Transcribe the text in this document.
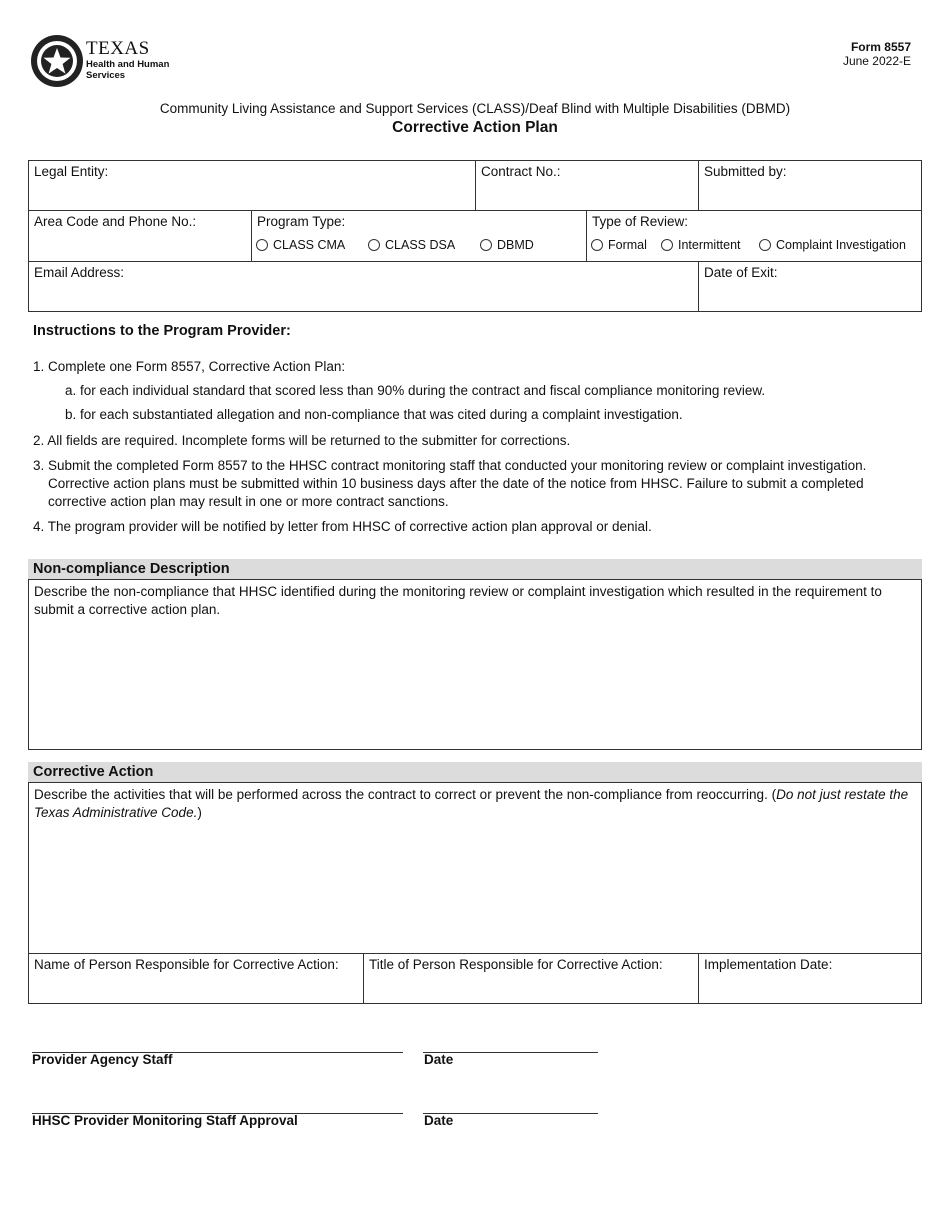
TEXAS
Health and Human
Services
Form 8557
June 2022-E
Community Living Assistance and Support Services (CLASS)/Deaf Blind with Multiple Disabilities (DBMD)
Corrective Action Plan
Legal Entity:	Contract No.:	Submitted by:
Area Code and Phone No.:	Program Type:
CLASS CMA	CLASS DSA	DBMD
Type of Review:
Formal Intermittent	Complaint Investigation
Email Address:	Date of Exit:
Instructions to the Program Provider:
1. Complete one Form 8557, Corrective Action Plan:
a. for each individual standard that scored less than 90% during the contract and fiscal compliance monitoring review.
b. for each substantiated allegation and non-compliance that was cited during a complaint investigation.
2. All fields are required. Incomplete forms will be returned to the submitter for corrections.
3. Submit the completed Form 8557 to the HHSC contract monitoring staff that conducted your monitoring review or complaint investigation.
Corrective action plans must be submitted within 10 business days after the date of the notice from HHSC. Failure to submit a completed
corrective action plan may result in one or more contract sanctions.
4. The program provider will be notified by letter from HHSC of corrective action plan approval or denial.
Non-compliance Description
Describe the non-compliance that HHSC identified during the monitoring review or complaint investigation which resulted in the requirement to submit a corrective action plan.
Corrective Action
Describe the activities that will be performed across the contract to correct or prevent the non-compliance from reoccurring. (Do not just restate the Texas Administrative Code.)
Name of Person Responsible for Corrective Action:	Title of Person Responsible for Corrective Action:	Implementation Date:
Provider Agency Staff	Date
HHSC Provider Monitoring Staff Approval	Date
